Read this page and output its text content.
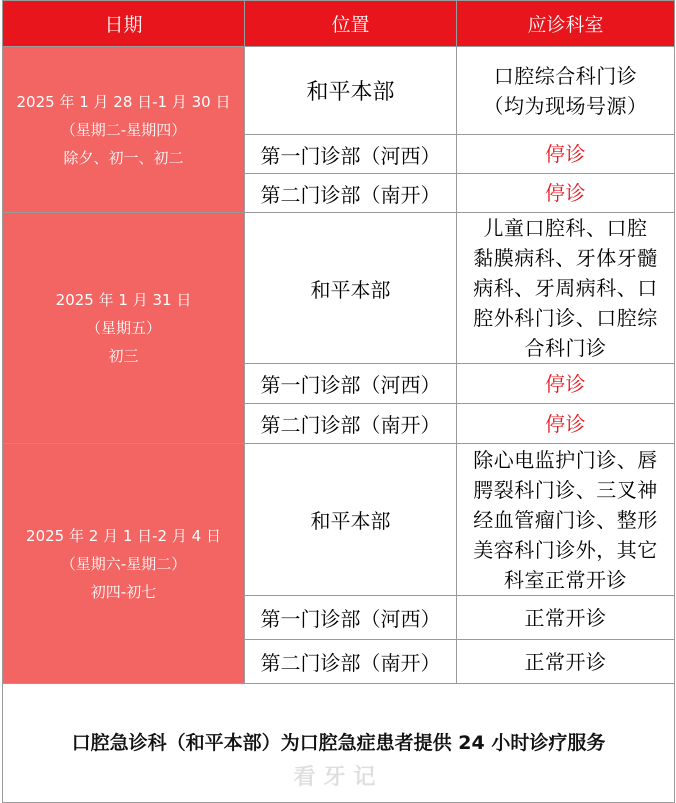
日期	位置	应诊科室

2025 年 1 月 28 日-1 月 30 日
（星期二-星期四）
除夕、初一、初二	和平本部	口腔综合科门诊
（均为现场号源）

	第一门诊部（河西）	停诊
	第二门诊部（南开）	停诊

2025 年 1 月 31 日
（星期五）
初三	和平本部	儿童口腔科、口腔
黏膜病科、牙体牙髓
病科、牙周病科、口
腔外科门诊、口腔综
合科门诊

	第一门诊部（河西）	停诊
	第二门诊部（南开）	停诊

2025 年 2 月 1 日-2 月 4 日
（星期六-星期二）
初四-初七	和平本部	除心电监护门诊、唇
腭裂科门诊、三叉神
经血管瘤门诊、整形
美容科门诊外，其它
科室正常开诊

	第一门诊部（河西）	正常开诊
	第二门诊部（南开）	正常开诊

口腔急诊科（和平本部）为口腔急症患者提供 24 小时诊疗服务
看牙记		
